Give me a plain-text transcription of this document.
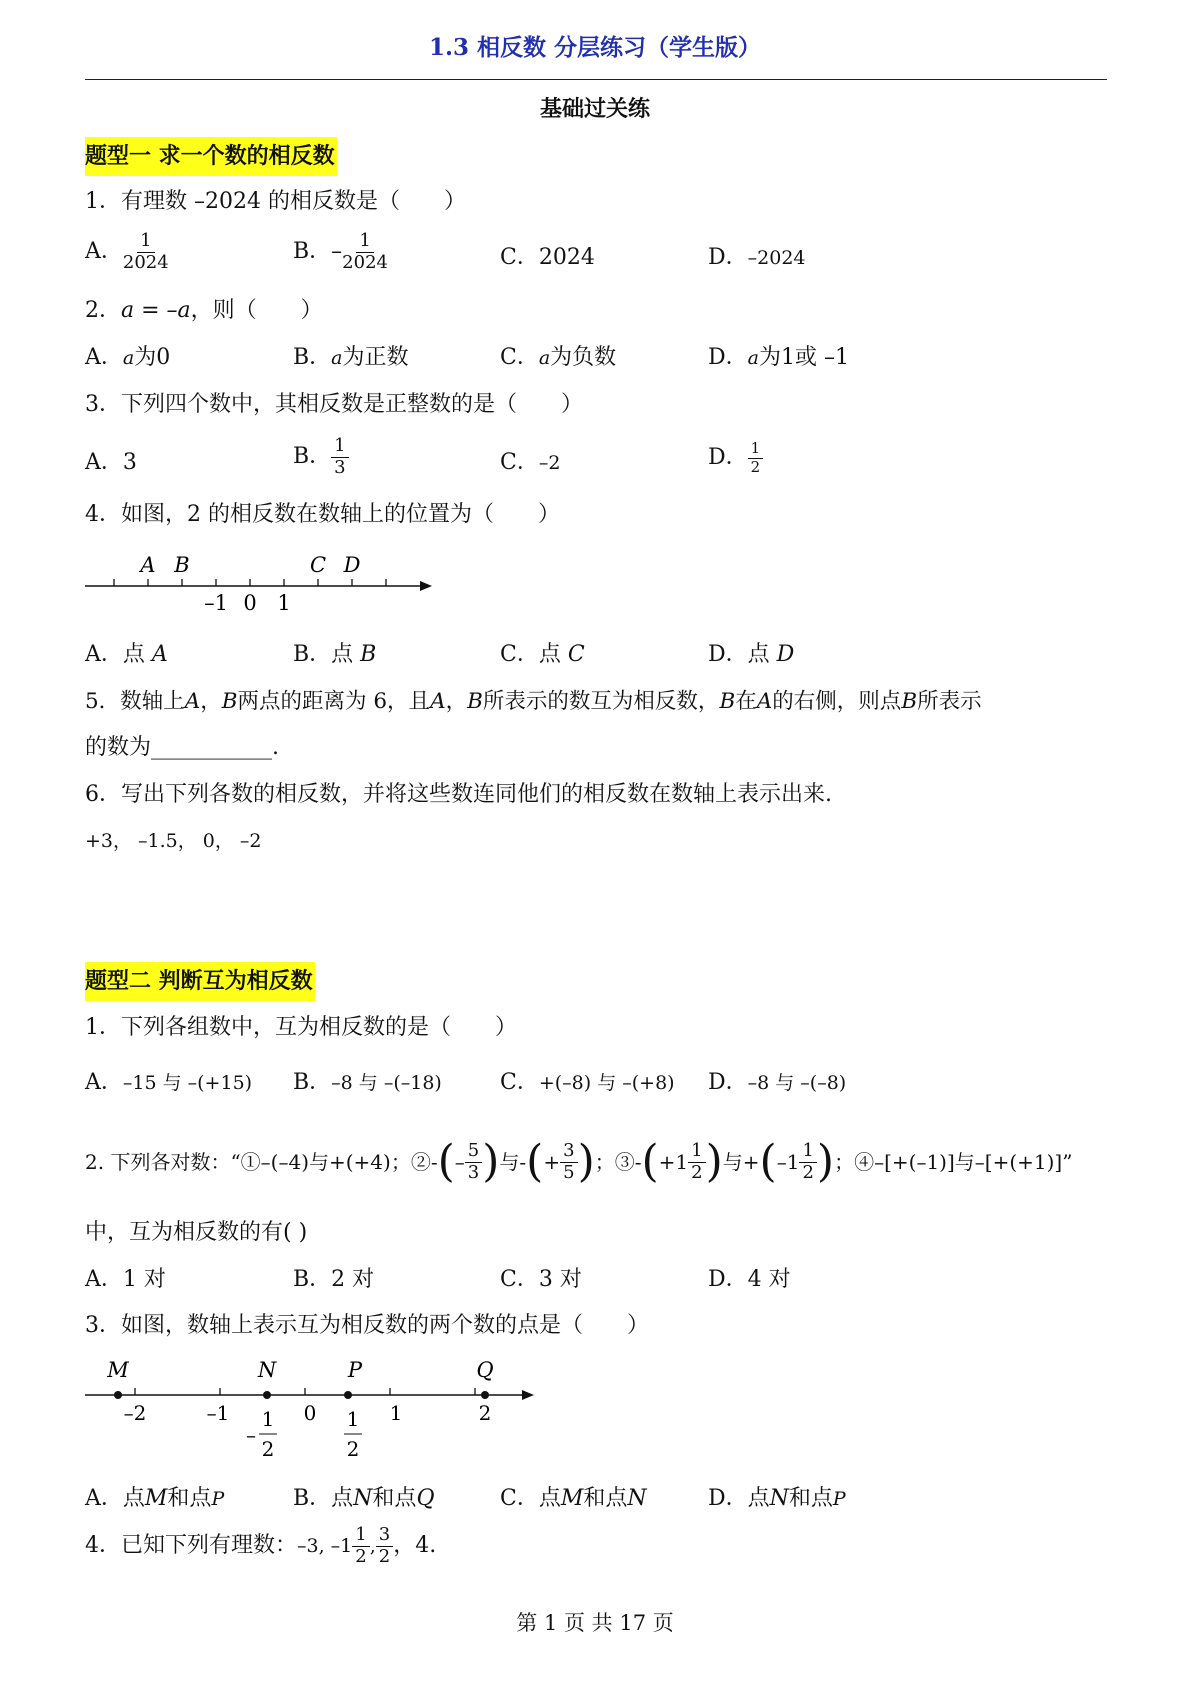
1.3 相反数 分层练习（学生版）
基础过关练
题型一 求一个数的相反数
1．有理数 –2024 的相反数是（　　）
A． $\frac{1}{2024}$	B． – $\frac{1}{2024}$	C．2024	D．–2024
2．a = –a，则（　　）
A．a为0	B．a为正数	C．a为负数	D．a为1或 –1
3．下列四个数中，其相反数是正整数的是（　　）
A．3	B． $\frac{1}{3}$	C．–2	D． $\frac{1}{2}$
4．如图，2 的相反数在数轴上的位置为（　　）
A B	C D
–1 0 1
A．点 A	B．点 B	C．点 C	D．点 D
5．数轴上A，B两点的距离为 6，且A，B所表示的数互为相反数，B在A的右侧，则点B所表示
的数为___________.
6．写出下列各数的相反数，并将这些数连同他们的相反数在数轴上表示出来.
+3， –1.5， 0， –2
题型二 判断互为相反数
1．下列各组数中，互为相反数的是（　　）
A．–15 与 –(+15) B．–8 与 –(–18)	C．+(–8) 与 –(+8) D．–8 与 –(–8)
2. 下列各对数：“①–(–4)与+(+4)；②- ( – $\frac{5}{3}$ ) 与- ( + $\frac{3}{5}$ ) ；③- ( $+1 \frac{1}{2}$ ) 与+ ( $-1 \frac{1}{2}$ ) ；④–[+(–1)]与–[+(+1)]”
中，互为相反数的有( )
A．1 对	B．2 对	C．3 对	D．4 对
3．如图，数轴上表示互为相反数的两个数的点是（　　）
M	N	P	Q
–2	–1	0	1	2
–
1
2
1
2
A．点M和点P	B．点N和点Q	C．点M和点N	D．点N和点P
4．已知下列有理数： –3, $-1 \frac{1}{2}$ , $\frac{3}{2}$ ，4.
第 1 页 共 17 页
